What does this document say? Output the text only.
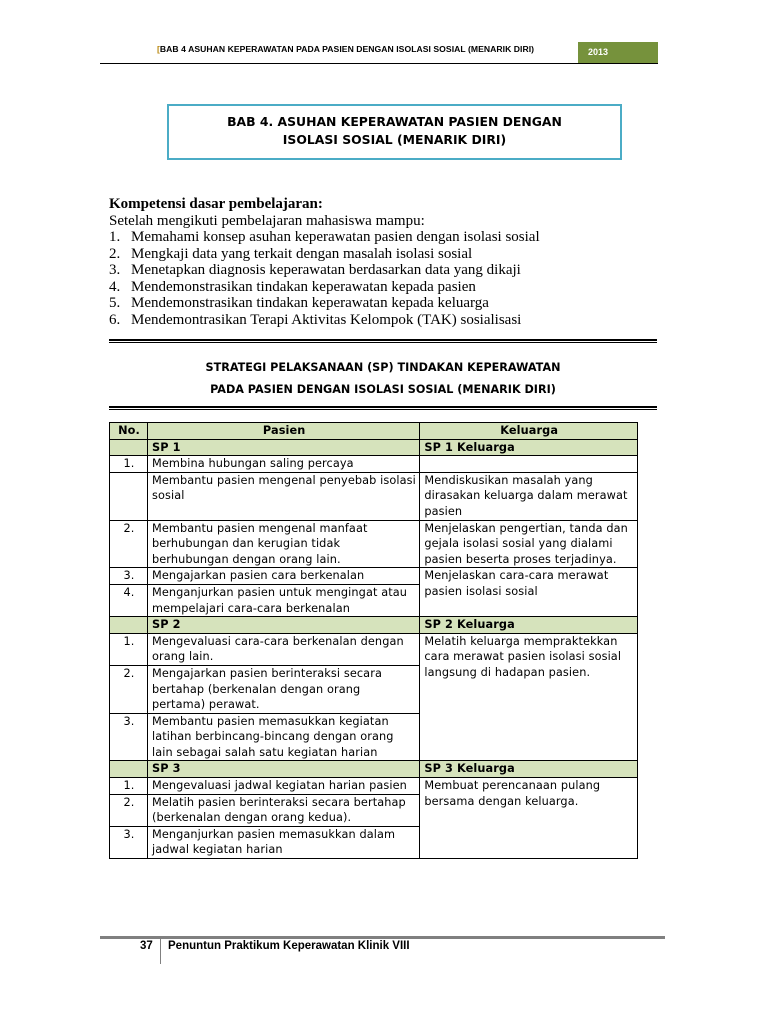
[BAB 4 ASUHAN KEPERAWATAN PADA PASIEN DENGAN ISOLASI SOSIAL (MENARIK DIRI)	2013
BAB 4. ASUHAN KEPERAWATAN PASIEN DENGAN
ISOLASI SOSIAL (MENARIK DIRI)
Kompetensi dasar pembelajaran:
Setelah mengikuti pembelajaran mahasiswa mampu:
1. Memahami konsep asuhan keperawatan pasien dengan isolasi sosial
2. Mengkaji data yang terkait dengan masalah isolasi sosial
3. Menetapkan diagnosis keperawatan berdasarkan data yang dikaji
4. Mendemonstrasikan tindakan keperawatan kepada pasien
5. Mendemonstrasikan tindakan keperawatan kepada keluarga
6. Mendemontrasikan Terapi Aktivitas Kelompok (TAK) sosialisasi
STRATEGI PELAKSANAAN (SP) TINDAKAN KEPERAWATAN
PADA PASIEN DENGAN ISOLASI SOSIAL (MENARIK DIRI)
No.	Pasien	Keluarga
	SP 1	SP 1 Keluarga
1.	Membina hubungan saling percaya	
	Membantu pasien mengenal penyebab isolasi sosial	Mendiskusikan masalah yang dirasakan keluarga dalam merawat pasien
2.	Membantu pasien mengenal manfaat berhubungan dan kerugian tidak berhubungan dengan orang lain.	Menjelaskan pengertian, tanda dan gejala isolasi sosial yang dialami pasien beserta proses terjadinya.
3.	Mengajarkan pasien cara berkenalan	Menjelaskan cara-cara merawat pasien isolasi sosial
4.	Menganjurkan pasien untuk mengingat atau mempelajari cara-cara berkenalan	
	SP 2	SP 2 Keluarga
1.	Mengevaluasi cara-cara berkenalan dengan orang lain.	Melatih keluarga mempraktekkan cara merawat pasien isolasi sosial langsung di hadapan pasien.
2.	Mengajarkan pasien berinteraksi secara bertahap (berkenalan dengan orang pertama) perawat.	
3.	Membantu pasien memasukkan kegiatan latihan berbincang-bincang dengan orang lain sebagai salah satu kegiatan harian	
	SP 3	SP 3 Keluarga
1.	Mengevaluasi jadwal kegiatan harian pasien	Membuat perencanaan pulang bersama dengan keluarga.
2.	Melatih pasien berinteraksi secara bertahap (berkenalan dengan orang kedua).	
3.	Menganjurkan pasien memasukkan dalam jadwal kegiatan harian	
37 Penuntun Praktikum Keperawatan Klinik VIII
